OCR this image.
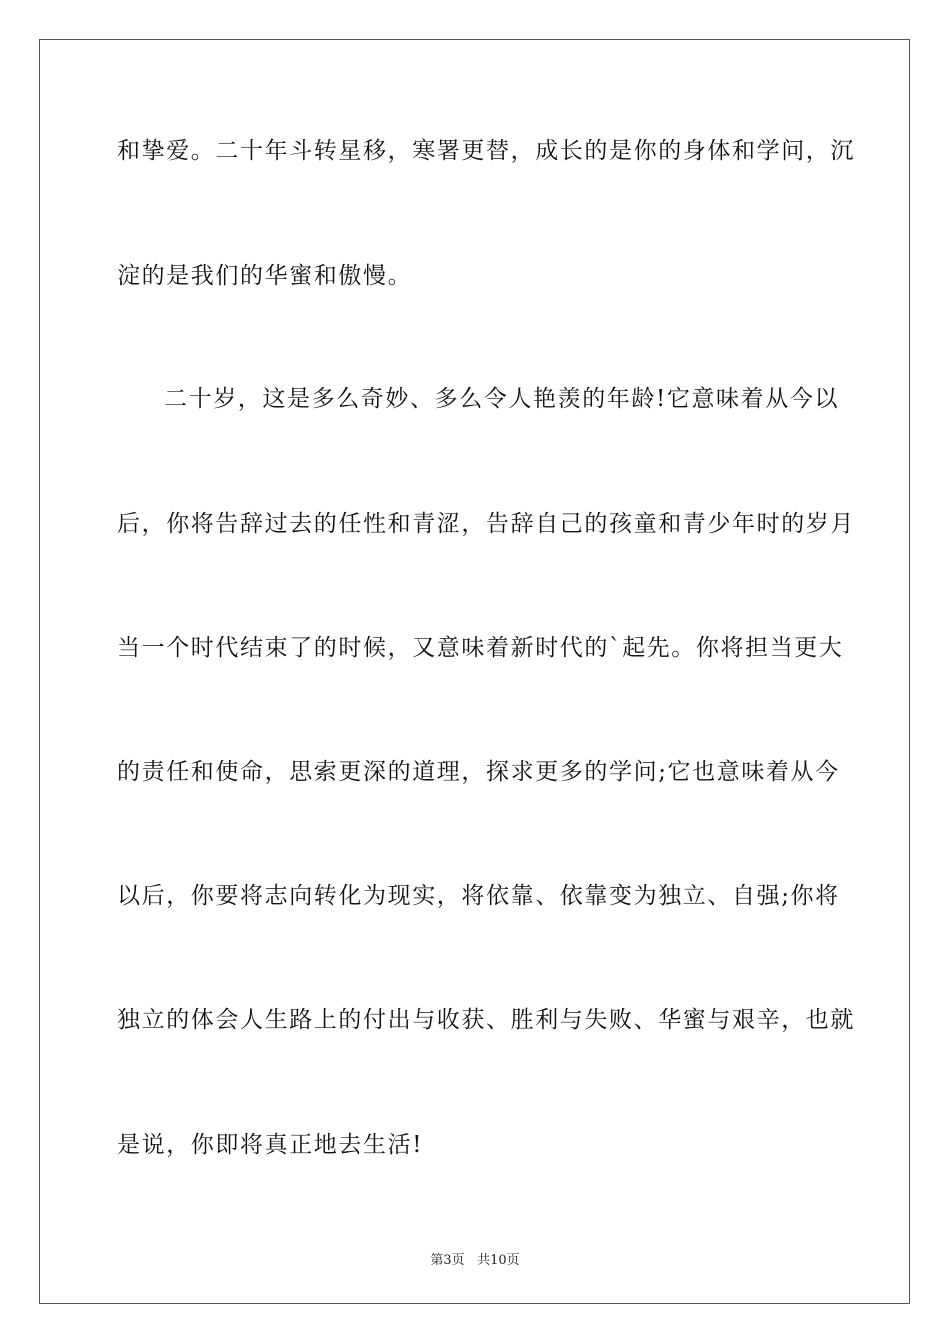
和挚爱。二十年斗转星移，寒署更替，成长的是你的身体和学问，沉
淀的是我们的华蜜和傲慢。
二十岁，这是多么奇妙、多么令人艳羡的年龄!它意味着从今以
后，你将告辞过去的任性和青涩，告辞自己的孩童和青少年时的岁月
当一个时代结束了的时候，又意味着新时代的`起先。你将担当更大
的责任和使命，思索更深的道理，探求更多的学问;它也意味着从今
以后，你要将志向转化为现实，将依靠、依靠变为独立、自强;你将
独立的体会人生路上的付出与收获、胜利与失败、华蜜与艰辛，也就
是说，你即将真正地去生活!
第3页 共10页
